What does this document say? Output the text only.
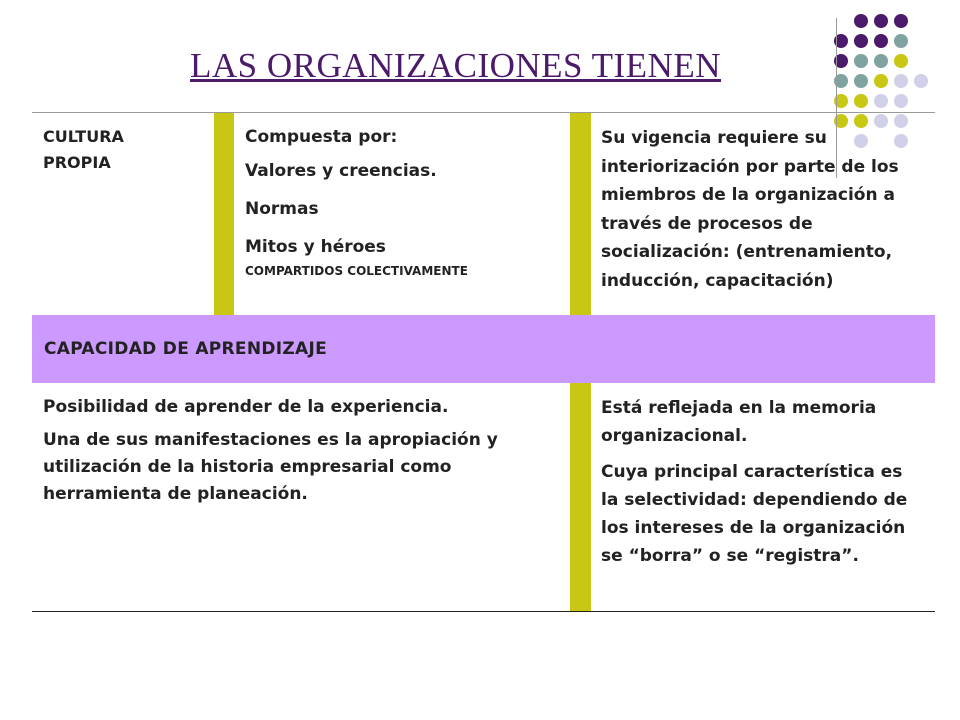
LAS ORGANIZACIONES TIENEN

CULTURA

PROPIA

Compuesta por:

Valores y creencias.

Normas

Mitos y héroes

COMPARTIDOS COLECTIVAMENTE

Su vigencia requiere su

interiorización por parte de los

miembros de la organización a

través de procesos de

socialización: (entrenamiento,

inducción, capacitación)

CAPACIDAD DE APRENDIZAJE

Posibilidad de aprender de la experiencia.

Una de sus manifestaciones es la apropiación y

utilización de la historia empresarial como

herramienta de planeación.

Está reflejada en la memoria

organizacional.

Cuya principal característica es

la selectividad: dependiendo de

los intereses de la organización

se “borra” o se “registra”.
